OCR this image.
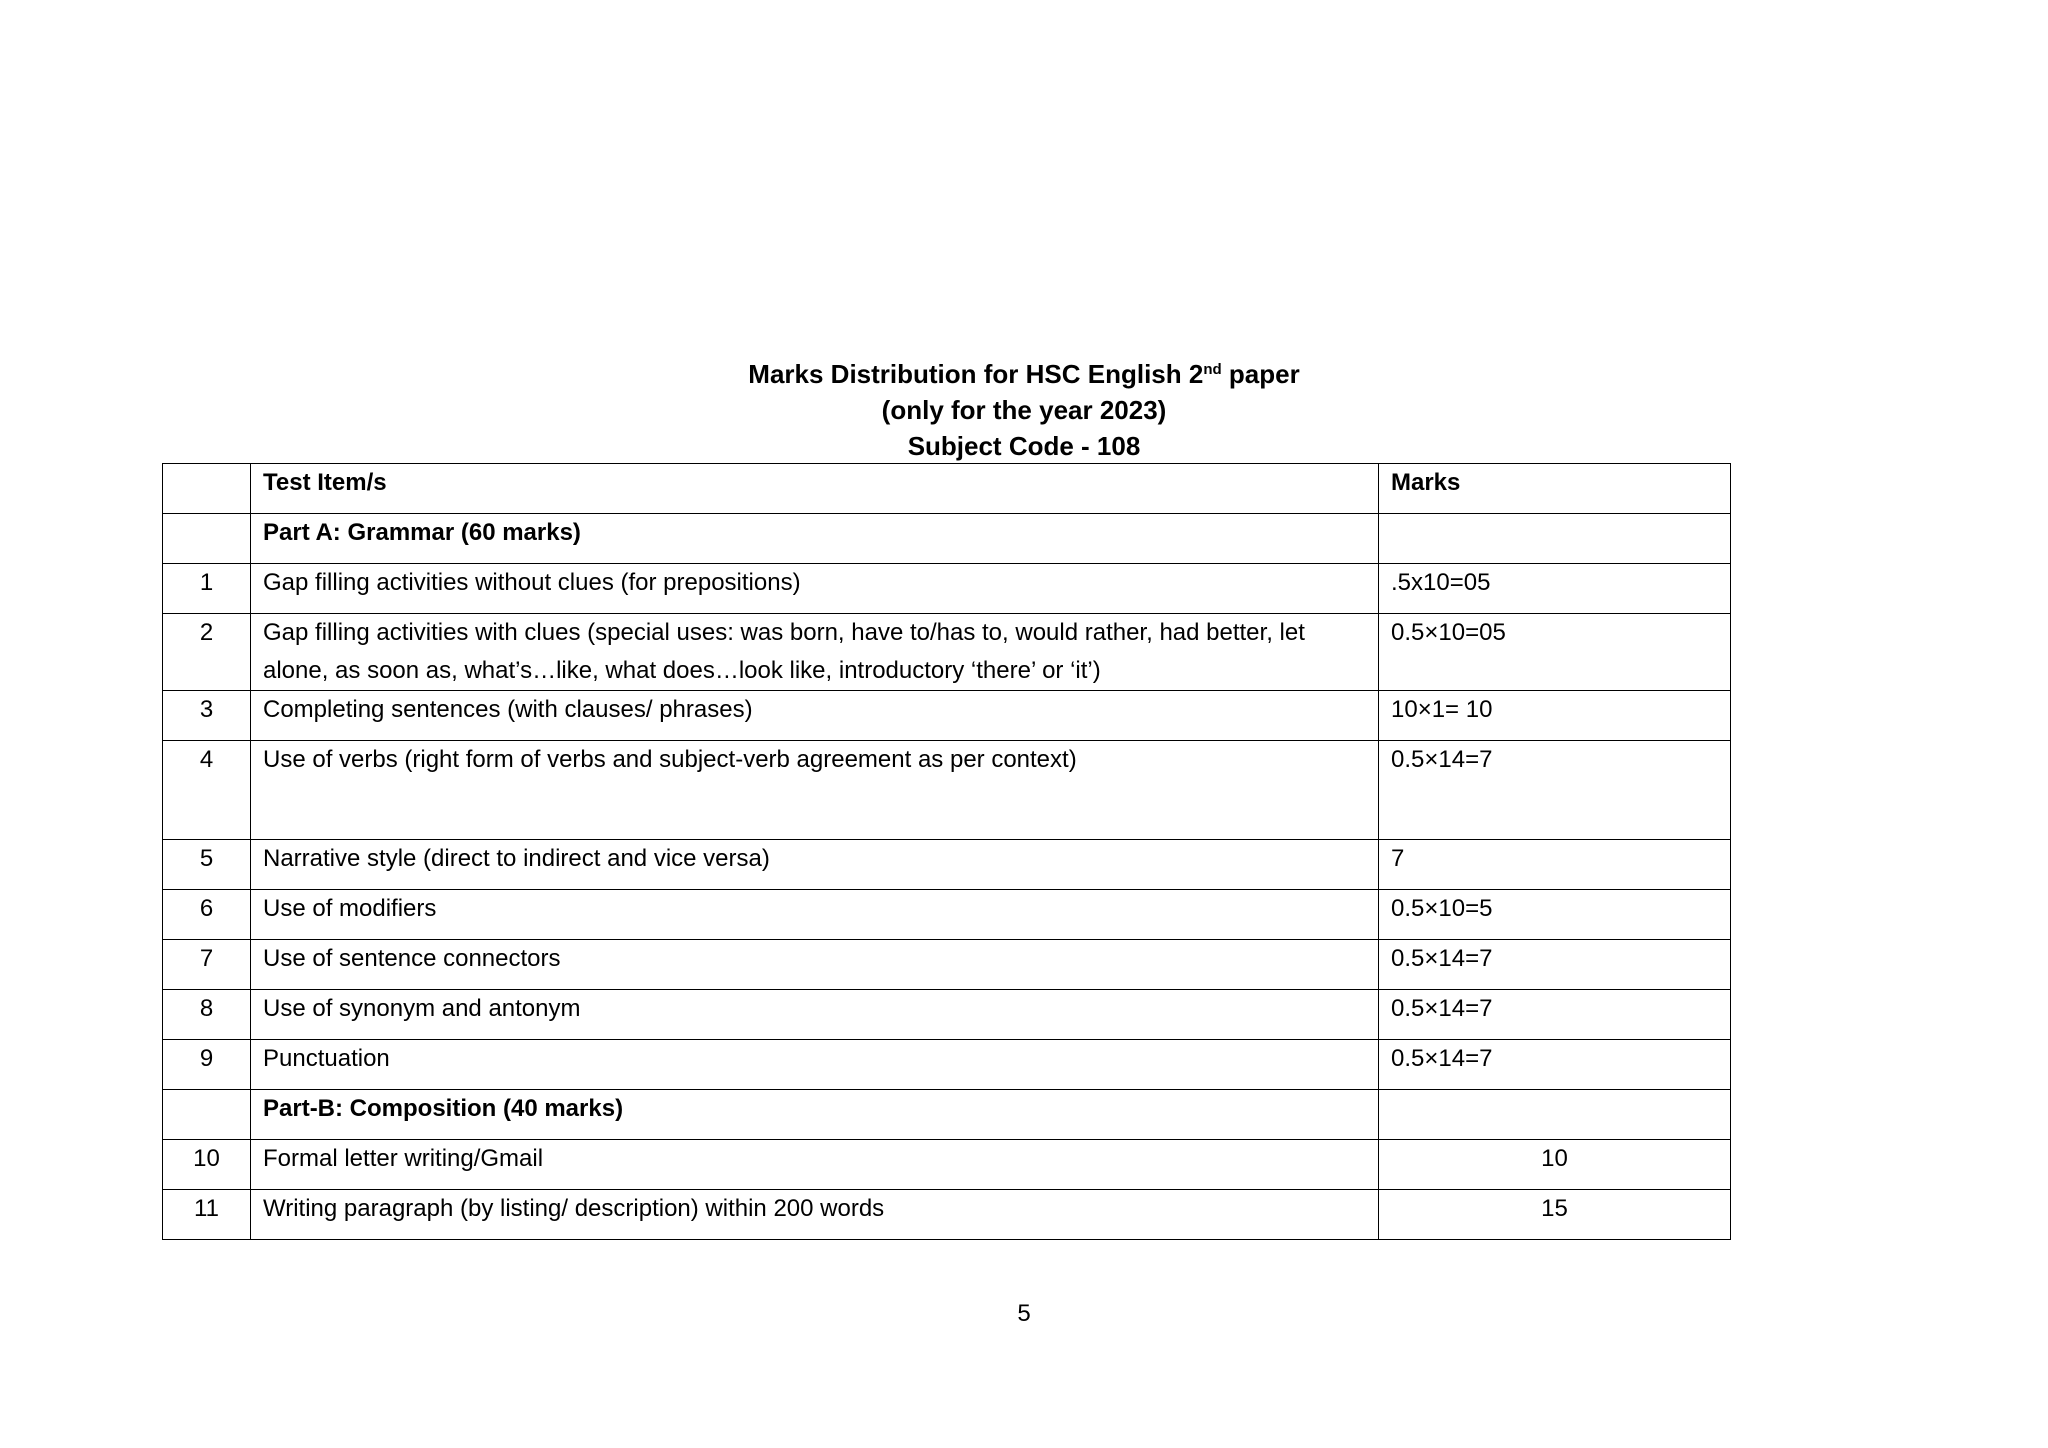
Marks Distribution for HSC English 2nd paper
(only for the year 2023)
Subject Code - 108
	Test Item/s	Marks
	Part A: Grammar (60 marks)	
1	Gap filling activities without clues (for prepositions)	.5x10=05
2	Gap filling activities with clues (special uses: was born, have to/has to, would rather, had better, let alone, as soon as, what’s…like, what does…look like, introductory ‘there’ or ‘it’)	0.5×10=05
3	Completing sentences (with clauses/ phrases)	10×1= 10
4	Use of verbs (right form of verbs and subject-verb agreement as per context)	0.5×14=7
5	Narrative style (direct to indirect and vice versa)	7
6	Use of modifiers	0.5×10=5
7	Use of sentence connectors	0.5×14=7
8	Use of synonym and antonym	0.5×14=7
9	Punctuation	0.5×14=7
	Part-B: Composition (40 marks)	
10	Formal letter writing/Gmail	10
11	Writing paragraph (by listing/ description) within 200 words	15
5
